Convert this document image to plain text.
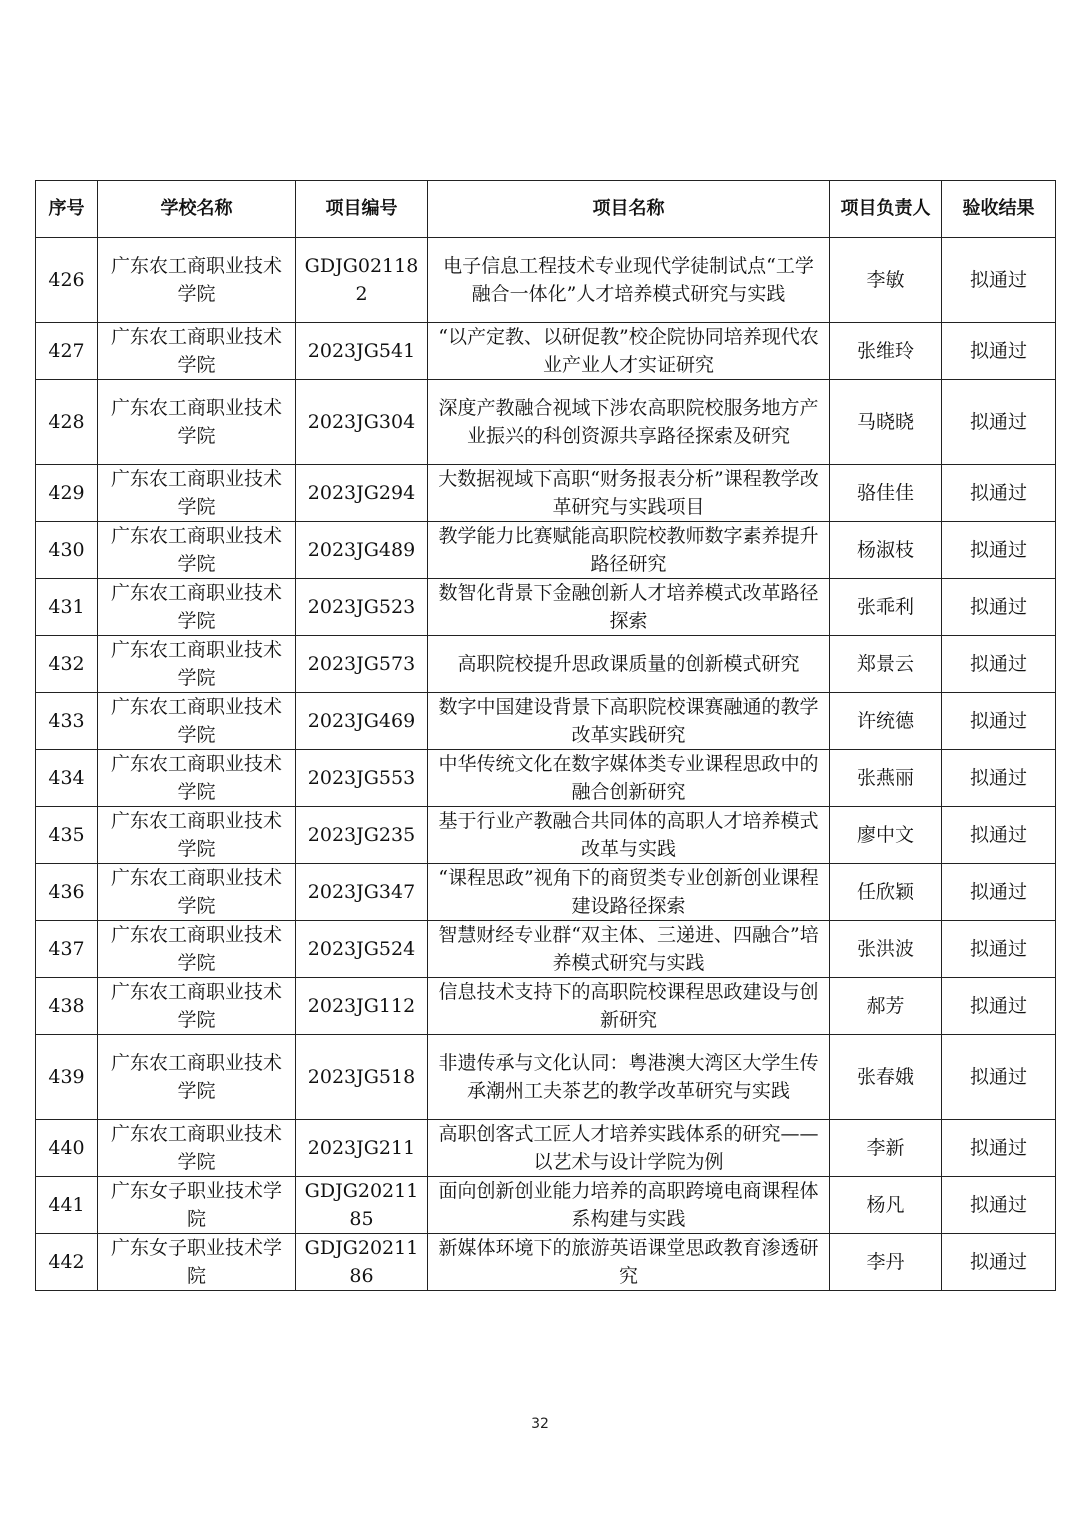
序号	学校名称	项目编号	项目名称	项目负责人	验收结果
426	广东农工商职业技术学院	GDJG021182	电子信息工程技术专业现代学徒制试点“工学融合一体化”人才培养模式研究与实践	李敏	拟通过
427	广东农工商职业技术学院	2023JG541	“以产定教、以研促教”校企院协同培养现代农业产业人才实证研究	张维玲	拟通过
428	广东农工商职业技术学院	2023JG304	深度产教融合视域下涉农高职院校服务地方产业振兴的科创资源共享路径探索及研究	马晓晓	拟通过
429	广东农工商职业技术学院	2023JG294	大数据视域下高职“财务报表分析”课程教学改革研究与实践项目	骆佳佳	拟通过
430	广东农工商职业技术学院	2023JG489	教学能力比赛赋能高职院校教师数字素养提升路径研究	杨淑枝	拟通过
431	广东农工商职业技术学院	2023JG523	数智化背景下金融创新人才培养模式改革路径探索	张乖利	拟通过
432	广东农工商职业技术学院	2023JG573	高职院校提升思政课质量的创新模式研究	郑景云	拟通过
433	广东农工商职业技术学院	2023JG469	数字中国建设背景下高职院校课赛融通的教学改革实践研究	许统德	拟通过
434	广东农工商职业技术学院	2023JG553	中华传统文化在数字媒体类专业课程思政中的融合创新研究	张燕丽	拟通过
435	广东农工商职业技术学院	2023JG235	基于行业产教融合共同体的高职人才培养模式改革与实践	廖中文	拟通过
436	广东农工商职业技术学院	2023JG347	“课程思政”视角下的商贸类专业创新创业课程建设路径探索	任欣颖	拟通过
437	广东农工商职业技术学院	2023JG524	智慧财经专业群“双主体、三递进、四融合”培养模式研究与实践	张洪波	拟通过
438	广东农工商职业技术学院	2023JG112	信息技术支持下的高职院校课程思政建设与创新研究	郝芳	拟通过
439	广东农工商职业技术学院	2023JG518	非遗传承与文化认同：粤港澳大湾区大学生传承潮州工夫茶艺的教学改革研究与实践	张春娥	拟通过
440	广东农工商职业技术学院	2023JG211	高职创客式工匠人才培养实践体系的研究——以艺术与设计学院为例	李新	拟通过
441	广东女子职业技术学院	GDJG2021185	面向创新创业能力培养的高职跨境电商课程体系构建与实践	杨凡	拟通过
442	广东女子职业技术学院	GDJG2021186	新媒体环境下的旅游英语课堂思政教育渗透研究	李丹	拟通过
32
